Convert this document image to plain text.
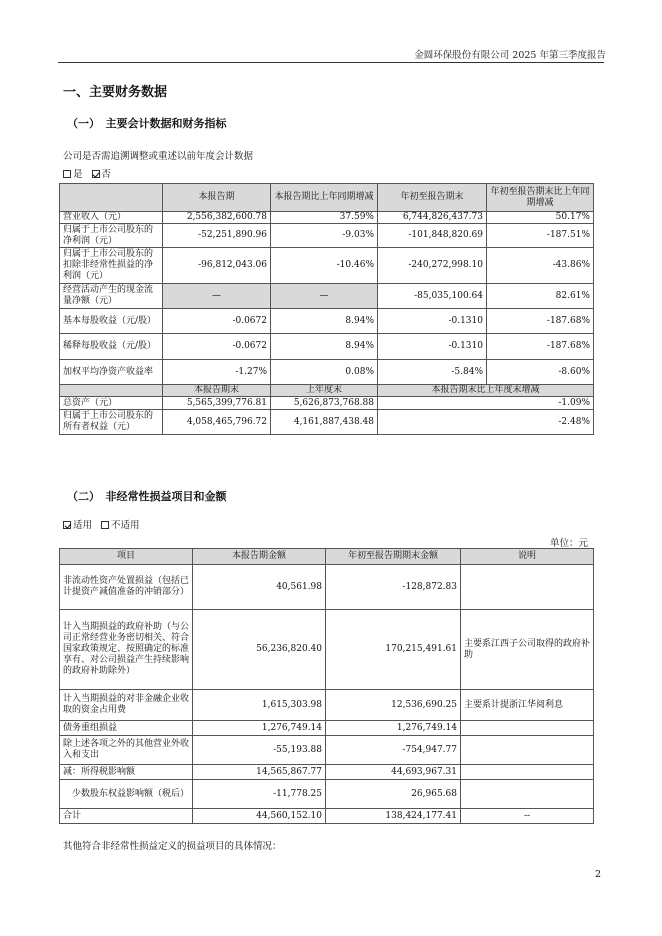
金圆环保股份有限公司 2025 年第三季度报告
一、主要财务数据
（一）　主要会计数据和财务指标
公司是否需追溯调整或重述以前年度会计数据
是 否
	本报告期	本报告期比上年同期增减	年初至报告期末	年初至报告期末比上年同期增减
营业收入（元）	2,556,382,600.78	37.59%	6,744,826,437.73	50.17%
归属于上市公司股东的净利润（元）	-52,251,890.96	-9.03%	-101,848,820.69	-187.51%
归属于上市公司股东的扣除非经常性损益的净利润（元）	-96,812,043.06	-10.46%	-240,272,998.10	-43.86%
经营活动产生的现金流量净额（元）	—	—	-85,035,100.64	82.61%
基本每股收益（元/股）	-0.0672	8.94%	-0.1310	-187.68%
稀释每股收益（元/股）	-0.0672	8.94%	-0.1310	-187.68%
加权平均净资产收益率	-1.27%	0.08%	-5.84%	-8.60%
	本报告期末	上年度末	本报告期末比上年度末增减	
总资产（元）	5,565,399,776.81	5,626,873,768.88	-1.09%	
归属于上市公司股东的所有者权益（元）	4,058,465,796.72	4,161,887,438.48	-2.48%	
（二）　非经常性损益项目和金额
适用 不适用
单位：元
项目	本报告期金额	年初至报告期期末金额	说明
非流动性资产处置损益（包括已计提资产减值准备的冲销部分）	40,561.98	-128,872.83	
计入当期损益的政府补助（与公司正常经营业务密切相关、符合国家政策规定、按照确定的标准享有、对公司损益产生持续影响的政府补助除外）	56,236,820.40	170,215,491.61	主要系江西子公司取得的政府补助
计入当期损益的对非金融企业收取的资金占用费	1,615,303.98	12,536,690.25	主要系计提浙江华阅利息
债务重组损益	1,276,749.14	1,276,749.14	
除上述各项之外的其他营业外收入和支出	-55,193.88	-754,947.77	
减：所得税影响额	14,565,867.77	44,693,967.31	
少数股东权益影响额（税后）	-11,778.25	26,965.68	
合计	44,560,152.10	138,424,177.41	--
其他符合非经常性损益定义的损益项目的具体情况：
2
